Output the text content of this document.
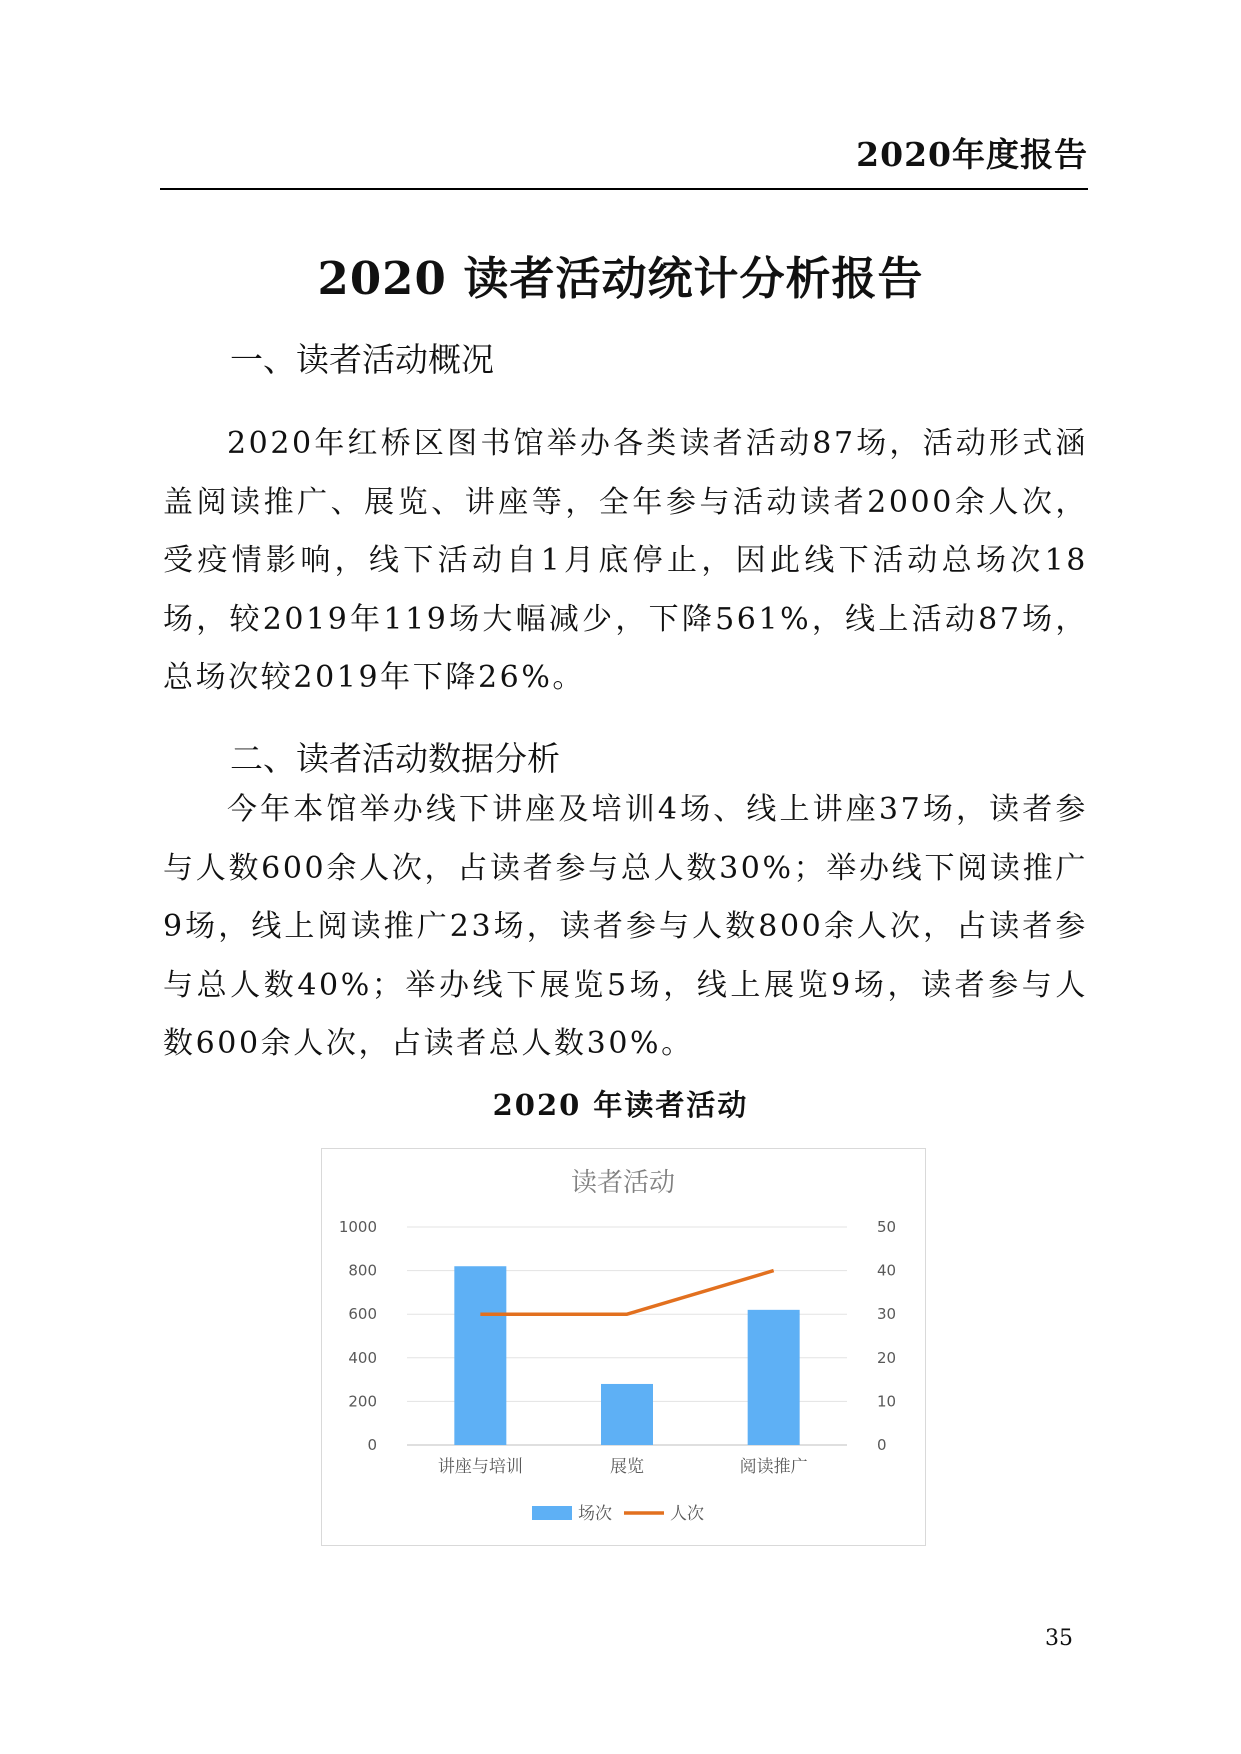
2020年度报告
2020 读者活动统计分析报告
一、读者活动概况

2020年红桥区图书馆举办各类读者活动87场，活动形式涵盖阅读推广、展览、讲座等，全年参与活动读者2000余人次，受疫情影响，线下活动自1月底停止，因此线下活动总场次18场，较2019年119场大幅减少，下降561%，线上活动87场，总场次较2019年下降26%。

二、读者活动数据分析

今年本馆举办线下讲座及培训4场、线上讲座37场，读者参与人数600余人次，占读者参与总人数30%；举办线下阅读推广9场，线上阅读推广23场，读者参与人数800余人次，占读者参与总人数40%；举办线下展览5场，线上展览9场，读者参与人数600余人次，占读者总人数30%。

2020 年读者活动
读者活动
0
200
400
600
800
1000
0
10
20
30
40
50
讲座与培训	展览	阅读推广
场次	人次
35
